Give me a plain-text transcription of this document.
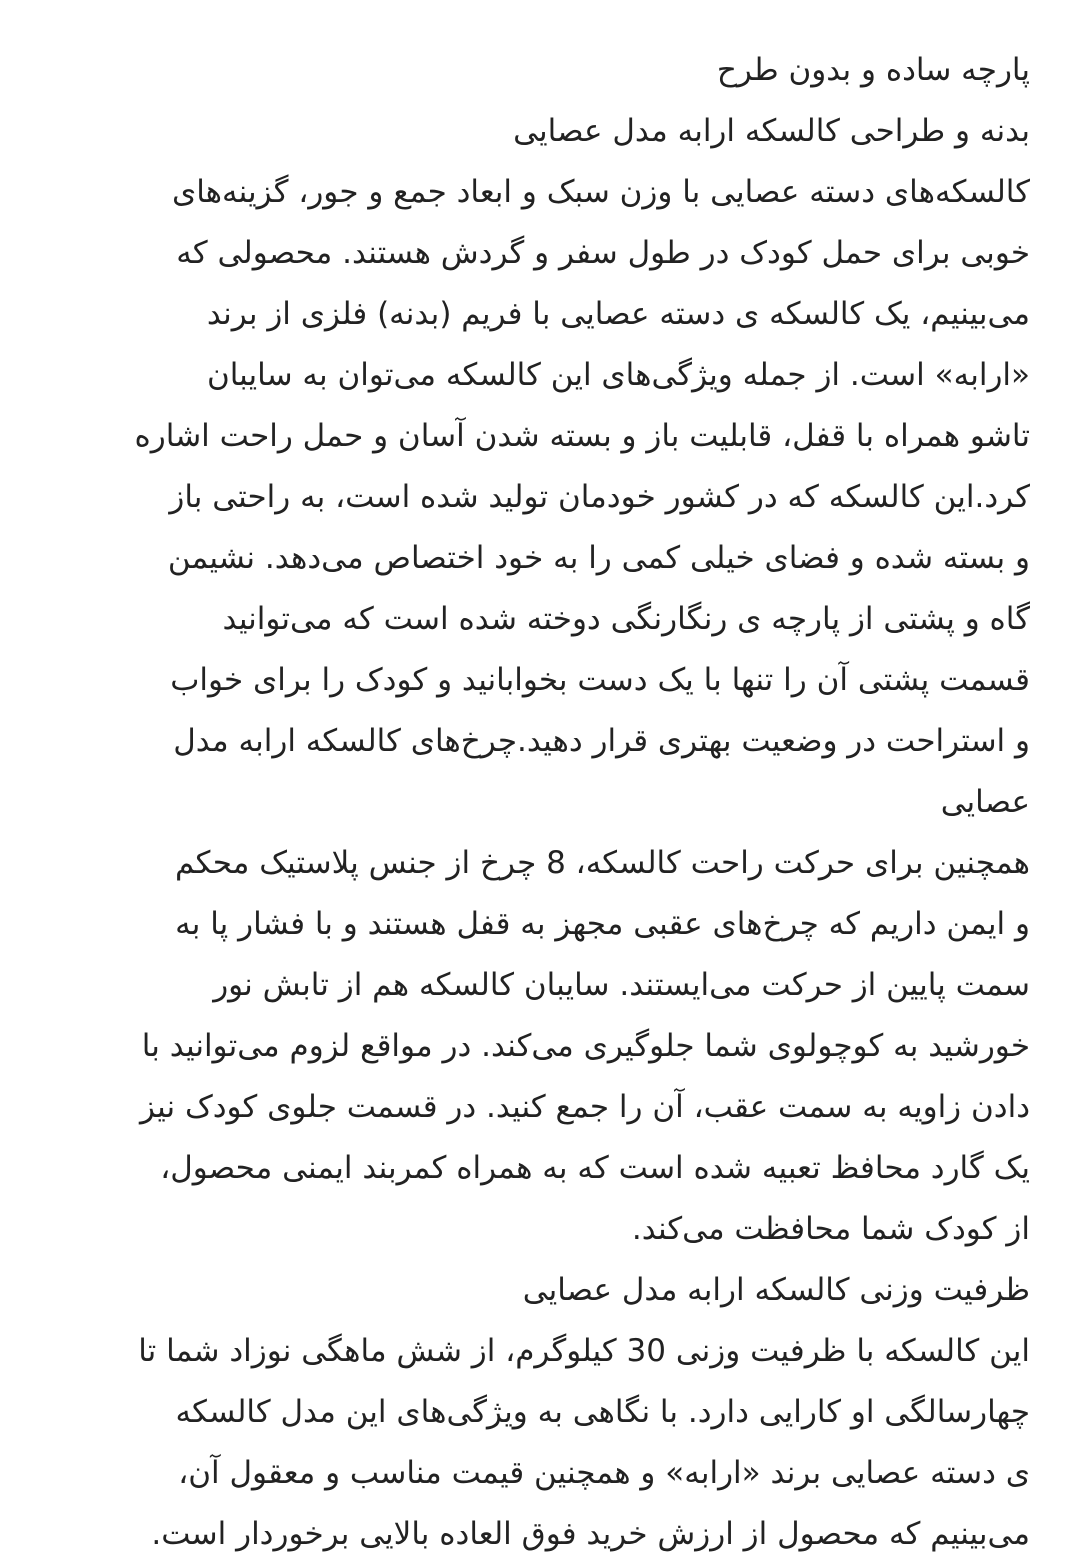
پارچه ساده و بدون طرح
بدنه و طراحی کالسکه ارابه مدل عصایی
کالسکه‌های دسته عصایی با وزن سبک و ابعاد جمع و جور، گزینه‌های
خوبی برای حمل کودک در طول سفر و گردش هستند. محصولی که
می‌بینیم، یک کالسکه ی دسته عصایی با فریم (بدنه) فلزی از برند
«ارابه» است. از جمله ویژگی‌های این کالسکه می‌توان به سایبان
تاشو همراه با قفل، قابلیت باز و بسته شدن آسان و حمل راحت اشاره
کرد.این کالسکه که در کشور خودمان تولید شده است، به راحتی باز
و بسته شده و فضای خیلی کمی را به خود اختصاص می‌دهد. نشیمن
گاه و پشتی از پارچه ی رنگارنگی دوخته شده است که می‌توانید
قسمت پشتی آن را تنها با یک دست بخوابانید و کودک را برای خواب
و استراحت در وضعیت بهتری قرار دهید.چرخ‌های کالسکه ارابه مدل
عصایی
همچنین برای حرکت راحت کالسکه، 8 چرخ از جنس پلاستیک محکم
و ایمن داریم که چرخ‌های عقبی مجهز به قفل هستند و با فشار پا به
سمت پایین از حرکت می‌ایستند. سایبان کالسکه هم از تابش نور
خورشید به کوچولوی شما جلوگیری می‌کند. در مواقع لزوم می‌توانید با
دادن زاویه به سمت عقب، آن را جمع کنید. در قسمت جلوی کودک نیز
یک گارد محافظ تعبیه شده است که به همراه کمربند ایمنی محصول،
از کودک شما محافظت می‌کند.
ظرفیت وزنی کالسکه ارابه مدل عصایی
این کالسکه با ظرفیت وزنی 30 کیلوگرم، از شش ماهگی نوزاد شما تا
چهارسالگی او کارایی دارد. با نگاهی به ویژگی‌های این مدل کالسکه
ی دسته عصایی برند «ارابه» و همچنین قیمت مناسب و معقول آن،
می‌بینیم که محصول از ارزش خرید فوق العاده بالایی برخوردار است.
